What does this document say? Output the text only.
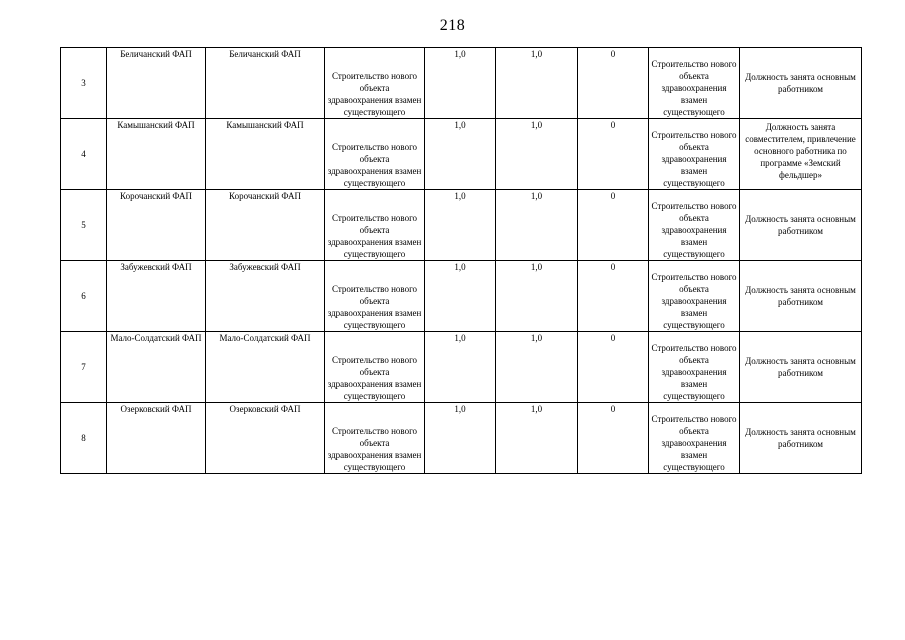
218
3	Беличанский ФАП	Беличанский ФАП	Строительство нового объекта здравоохранения взамен существующего	1,0	1,0	0	Строительство нового объекта здравоохранения взамен существующего	Должность занята основным работником
4	Камышанский ФАП	Камышанский ФАП	Строительство нового объекта здравоохранения взамен существующего	1,0	1,0	0	Строительство нового объекта здравоохранения взамен существующего	Должность занята совместителем, привлечение основного работника по программе «Земский фельдшер»
5	Корочанский ФАП	Корочанский ФАП	Строительство нового объекта здравоохранения взамен существующего	1,0	1,0	0	Строительство нового объекта здравоохранения взамен существующего	Должность занята основным работником
6	Забужевский ФАП	Забужевский ФАП	Строительство нового объекта здравоохранения взамен существующего	1,0	1,0	0	Строительство нового объекта здравоохранения взамен существующего	Должность занята основным работником
7	Мало-Солдатский ФАП	Мало-Солдатский ФАП	Строительство нового объекта здравоохранения взамен существующего	1,0	1,0	0	Строительство нового объекта здравоохранения взамен существующего	Должность занята основным работником
8	Озерковский ФАП	Озерковский ФАП	Строительство нового объекта здравоохранения взамен существующего	1,0	1,0	0	Строительство нового объекта здравоохранения взамен существующего	Должность занята основным работником
